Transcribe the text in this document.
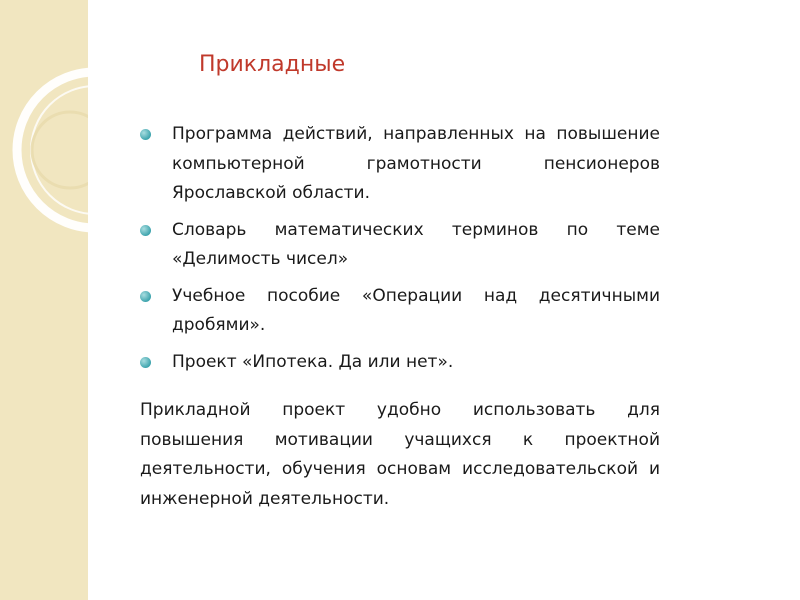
Прикладные
Программа действий, направленных на повышение компьютерной грамотности пенсионеров Ярославской области.
Словарь математических терминов по теме «Делимость чисел»
Учебное пособие «Операции над десятичными дробями».
Проект «Ипотека. Да или нет».
Прикладной проект удобно использовать для повышения мотивации учащихся к проектной деятельности, обучения основам исследовательской и инженерной деятельности.
